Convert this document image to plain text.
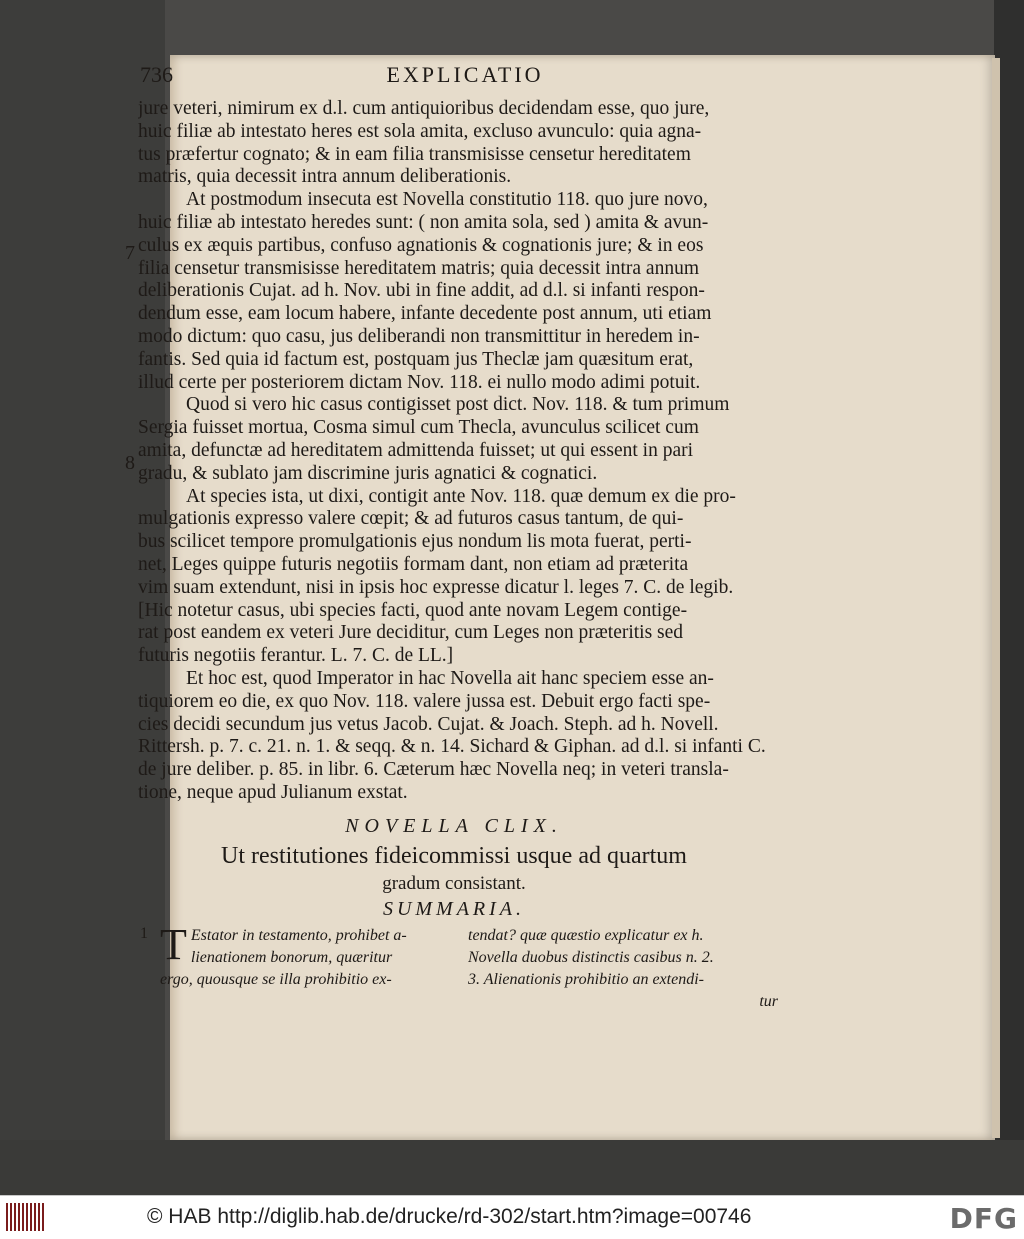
736	EXPLICATIO
7
8
jure veteri, nimirum ex d.l. cum antiquioribus decidendam esse, quo jure,
huic filiæ ab intestato heres est sola amita, excluso avunculo: quia agna-
tus præfertur cognato; & in eam filia transmisisse censetur hereditatem
matris, quia decessit intra annum deliberationis.
At postmodum insecuta est Novella constitutio 118. quo jure novo,
huic filiæ ab intestato heredes sunt: ( non amita sola, sed ) amita & avun-
culus ex æquis partibus, confuso agnationis & cognationis jure; & in eos
filia censetur transmisisse hereditatem matris; quia decessit intra annum
deliberationis Cujat. ad h. Nov. ubi in fine addit, ad d.l. si infanti respon-
dendum esse, eam locum habere, infante decedente post annum, uti etiam
modo dictum: quo casu, jus deliberandi non transmittitur in heredem in-
fantis. Sed quia id factum est, postquam jus Theclæ jam quæsitum erat,
illud certe per posteriorem dictam Nov. 118. ei nullo modo adimi potuit.
Quod si vero hic casus contigisset post dict. Nov. 118. & tum primum
Sergia fuisset mortua, Cosma simul cum Thecla, avunculus scilicet cum
amita, defunctæ ad hereditatem admittenda fuisset; ut qui essent in pari
gradu, & sublato jam discrimine juris agnatici & cognatici.
At species ista, ut dixi, contigit ante Nov. 118. quæ demum ex die pro-
mulgationis expresso valere cœpit; & ad futuros casus tantum, de qui-
bus scilicet tempore promulgationis ejus nondum lis mota fuerat, perti-
net, Leges quippe futuris negotiis formam dant, non etiam ad præterita
vim suam extendunt, nisi in ipsis hoc expresse dicatur l. leges 7. C. de legib.
[Hic notetur casus, ubi species facti, quod ante novam Legem contige-
rat post eandem ex veteri Jure deciditur, cum Leges non præteritis sed
futuris negotiis ferantur. L. 7. C. de LL.]
Et hoc est, quod Imperator in hac Novella ait hanc speciem esse an-
tiquiorem eo die, ex quo Nov. 118. valere jussa est. Debuit ergo facti spe-
cies decidi secundum jus vetus Jacob. Cujat. & Joach. Steph. ad h. Novell.
Rittersh. p. 7. c. 21. n. 1. & seqq. & n. 14. Sichard & Giphan. ad d.l. si infanti C.
de jure deliber. p. 85. in libr. 6. Cæterum hæc Novella neq; in veteri transla-
tione, neque apud Julianum exstat.
NOVELLA CLIX.
Ut restitutiones fideicommissi usque ad quartum
gradum consistant.
SUMMARIA.
1 T Estator in testamento, prohibet a-
lienationem bonorum, quæritur
ergo, quousque se illa prohibitio ex-
tendat? quæ quæstio explicatur ex h.
Novella duobus distinctis casibus n. 2.
3. Alienationis prohibitio an extendi-
tur
© HAB http://diglib.hab.de/drucke/rd-302/start.htm?image=00746	DFG
